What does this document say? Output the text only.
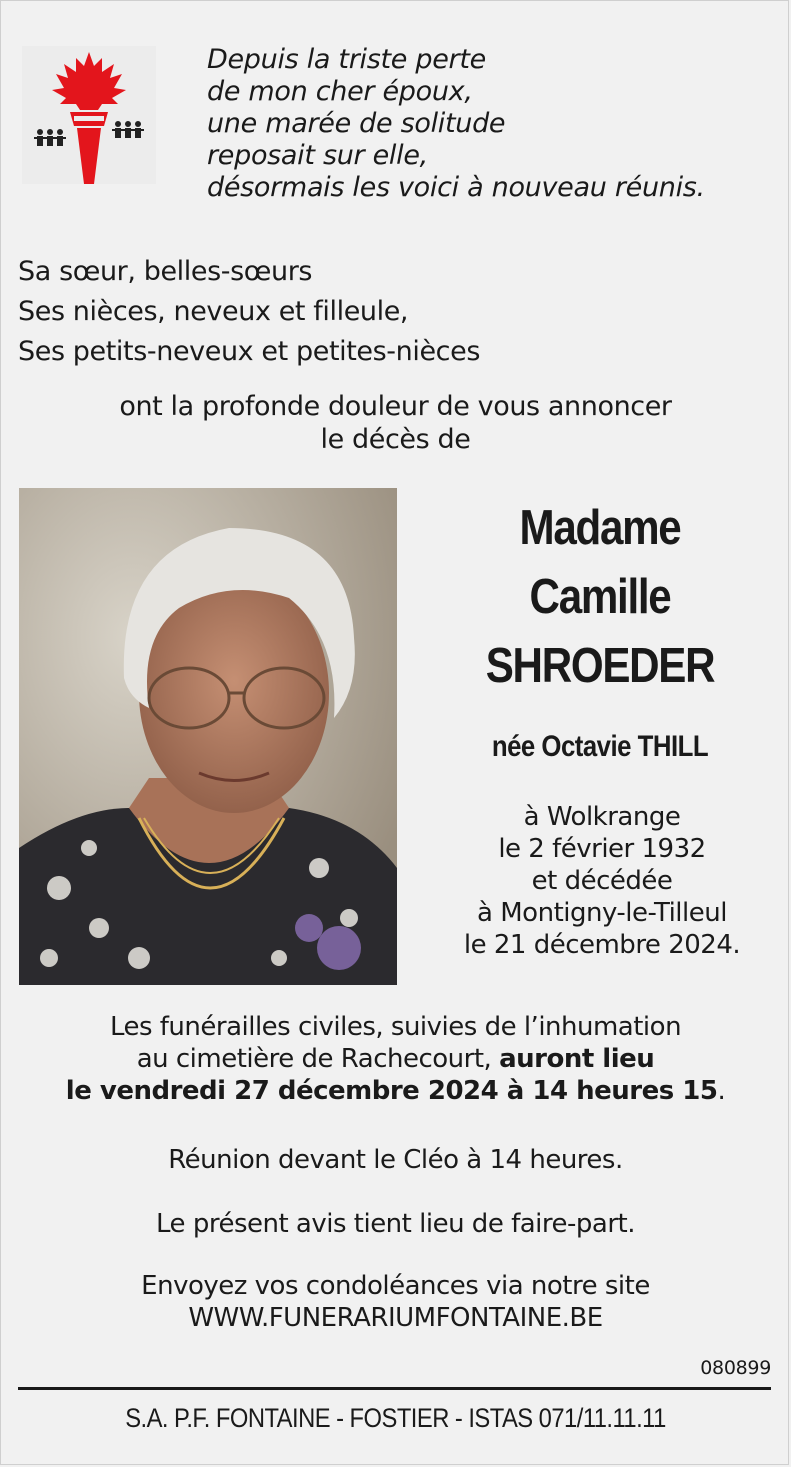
Depuis la triste perte
de mon cher époux,
une marée de solitude
reposait sur elle,
désormais les voici à nouveau réunis.
Sa sœur, belles-sœurs
Ses nièces, neveux et filleule,
Ses petits-neveux et petites-nièces
ont la profonde douleur de vous annoncer
le décès de
Madame
Camille
SHROEDER
née Octavie THILL
à Wolkrange
le 2 février 1932
et décédée
à Montigny-le-Tilleul
le 21 décembre 2024.
Les funérailles civiles, suivies de l’inhumation
au cimetière de Rachecourt, auront lieu
le vendredi 27 décembre 2024 à 14 heures 15.
Réunion devant le Cléo à 14 heures.
Le présent avis tient lieu de faire-part.
Envoyez vos condoléances via notre site
WWW.FUNERARIUMFONTAINE.BE
080899
S.A. P.F. FONTAINE - FOSTIER - ISTAS 071/11.11.11
